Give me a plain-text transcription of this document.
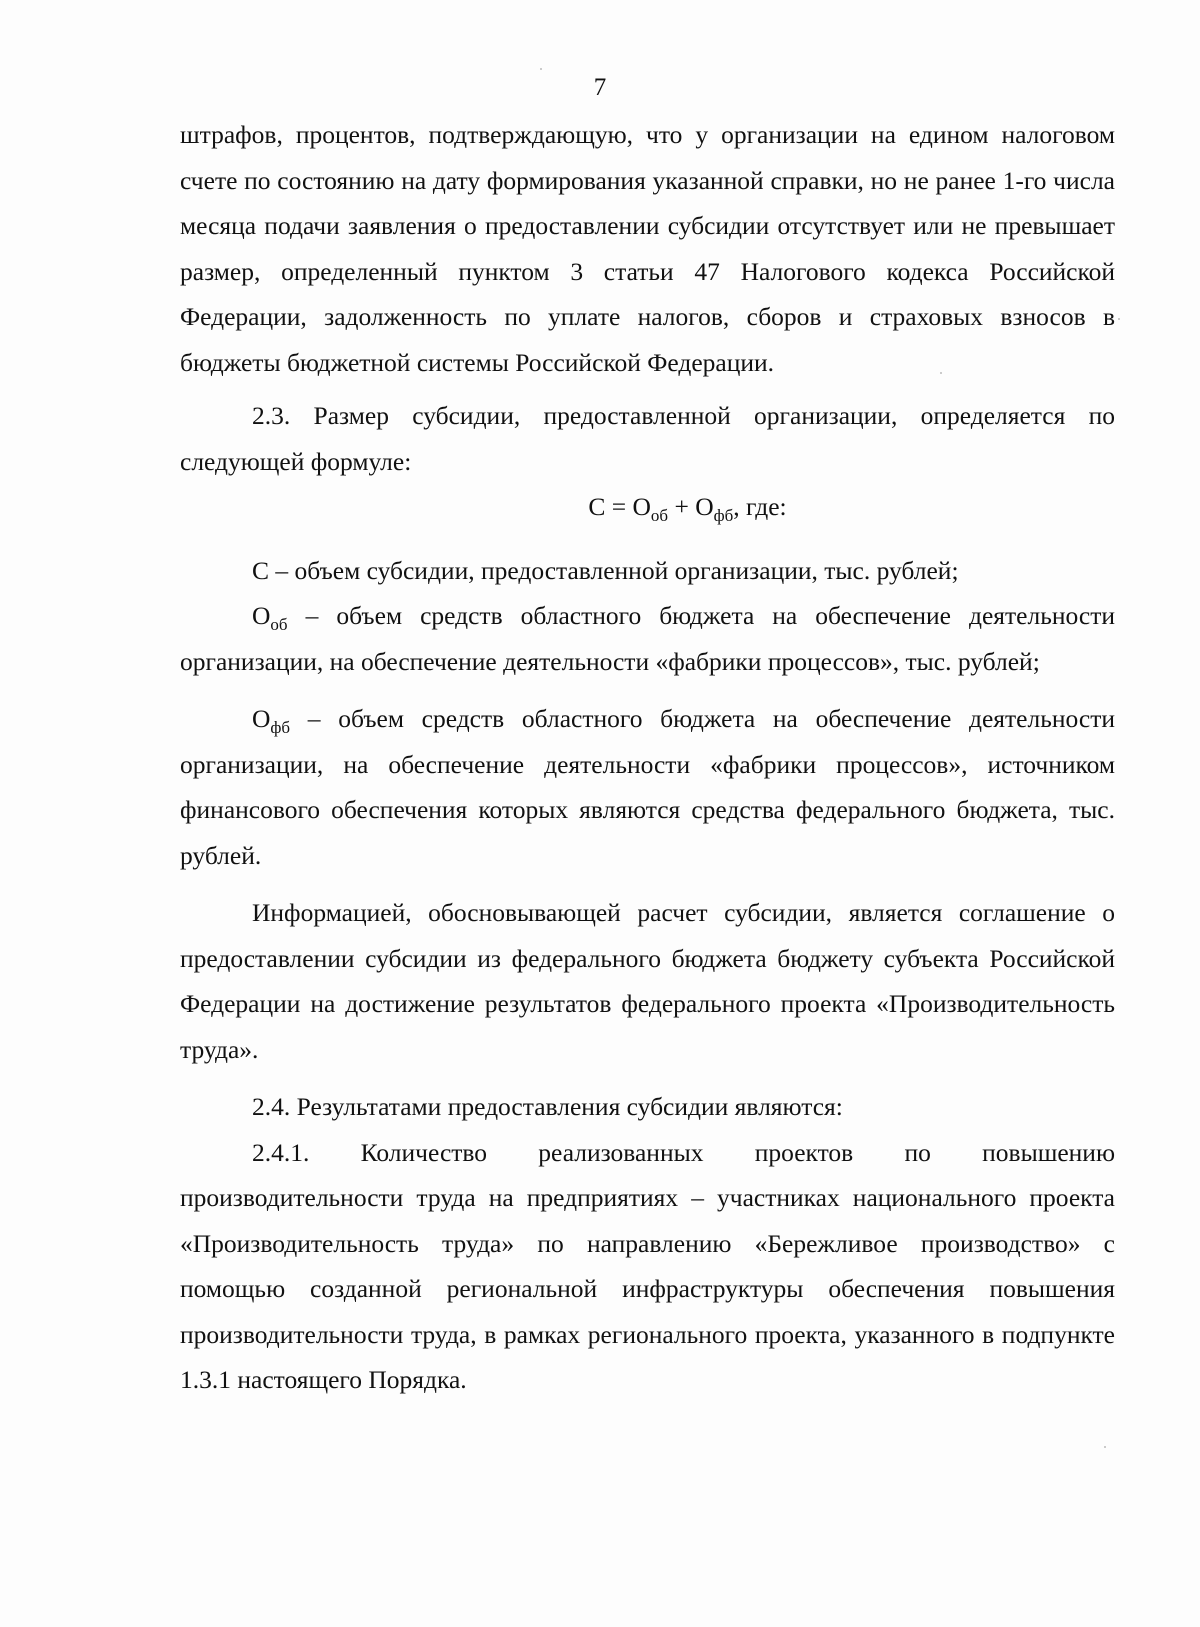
7

штрафов, процентов, подтверждающую, что у организации на едином налоговом счете по состоянию на дату формирования указанной справки, но не ранее 1-го числа месяца подачи заявления о предоставлении субсидии отсутствует или не превышает размер, определенный пунктом 3 статьи 47 Налогового кодекса Российской Федерации, задолженность по уплате налогов, сборов и страховых взносов в бюджеты бюджетной системы Российской Федерации.

2.3. Размер субсидии, предоставленной организации, определяется по следующей формуле:

$С = О_{об} + О_{фб}$, где:

С – объем субсидии, предоставленной организации, тыс. рублей;

$О_{об}$ – объем средств областного бюджета на обеспечение деятельности организации, на обеспечение деятельности «фабрики процессов», тыс. рублей;

$О_{фб}$ – объем средств областного бюджета на обеспечение деятельности организации, на обеспечение деятельности «фабрики процессов», источником финансового обеспечения которых являются средства федерального бюджета, тыс. рублей.

Информацией, обосновывающей расчет субсидии, является соглашение о предоставлении субсидии из федерального бюджета бюджету субъекта Российской Федерации на достижение результатов федерального проекта «Производительность труда».

2.4. Результатами предоставления субсидии являются:

2.4.1. Количество реализованных проектов по повышению производительности труда на предприятиях – участниках национального проекта «Производительность труда» по направлению «Бережливое производство» с помощью созданной региональной инфраструктуры обеспечения повышения производительности труда, в рамках регионального проекта, указанного в подпункте 1.3.1 настоящего Порядка.
